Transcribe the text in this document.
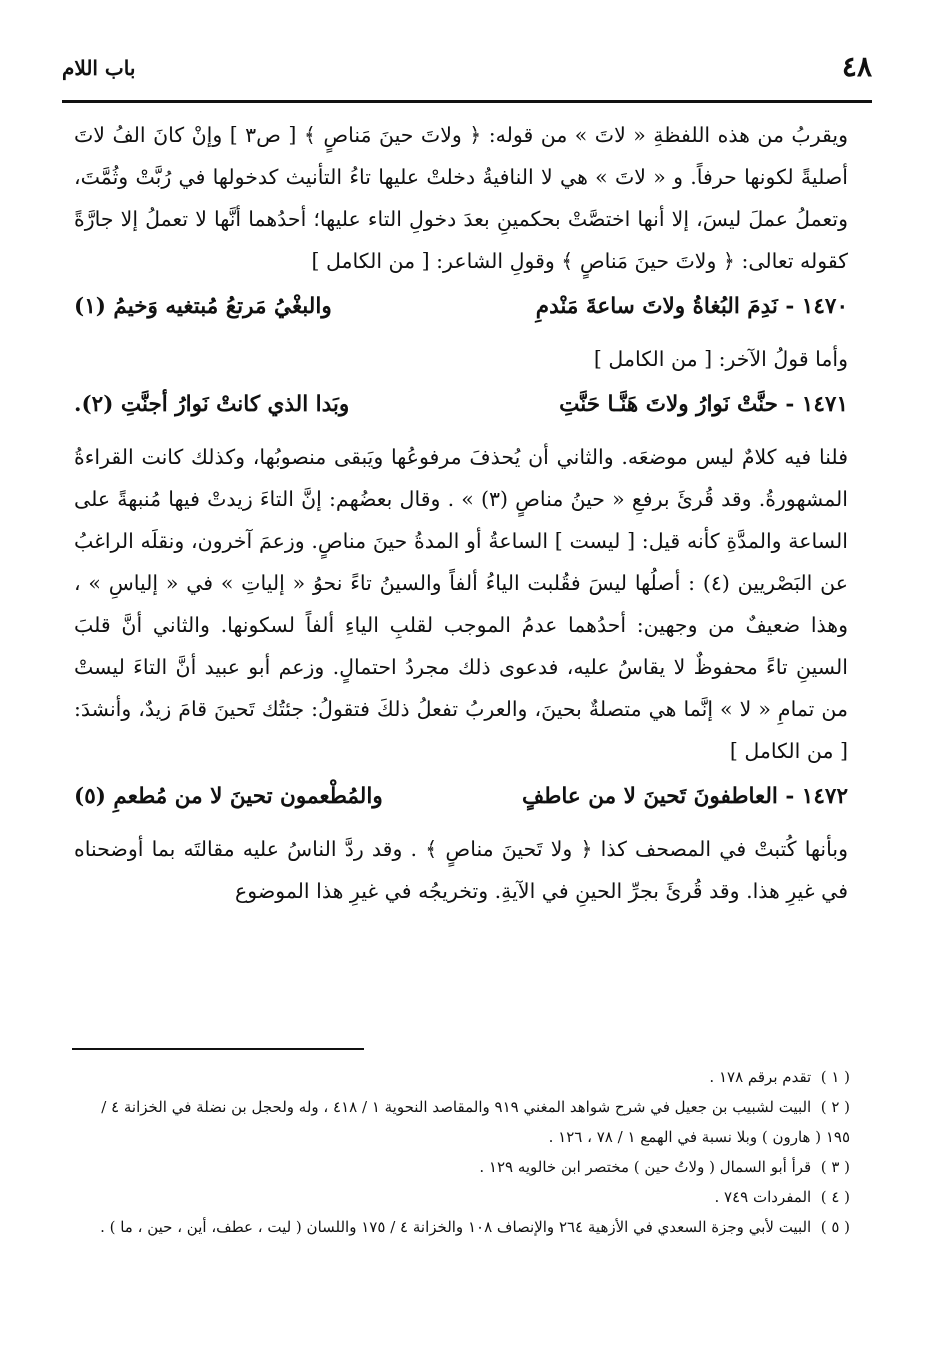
٤٨
باب اللام

ويقربُ من هذه اللفظةِ « لاتَ » من قوله: ﴿ ولاتَ حينَ مَناصٍ ﴾ [ ص٣ ] وإنْ كانَ الفُ لاتَ أصليةً لكونها حرفاً. و « لاتَ » هي لا النافيةُ دخلتْ عليها تاءُ التأنيث كدخولها في رُبَّتْ وثُمَّتَ، وتعملُ عملَ ليسَ، إلا أنها اختصَّتْ بحكمينِ بعدَ دخولِ التاء عليها؛ أحدُهما أنَّها لا تعملُ إلا جارَّةً كقوله تعالى: ﴿ ولاتَ حينَ مَناصٍ ﴾ وقولِ الشاعر: [ من الكامل ]

١٤٧٠ - نَدِمَ البُغاةُ ولاتَ ساعةَ مَنْدمِ
والبغْيُ مَرتعُ مُبتغيه وَخيمُ (١)

وأما قولُ الآخر: [ من الكامل ]

١٤٧١ - حنَّتْ نَوارُ ولاتَ هَنَّـا حَنَّتِ
وبَدا الذي كانتْ نَوارُ أجنَّتِ (٢).

فلنا فيه كلامٌ ليس موضعَه. والثاني أن يُحذفَ مرفوعُها ويَبقى منصوبُها، وكذلك كانت القراءةُ المشهورةُ. وقد قُرئَ برفعِ « حينُ مناصٍ (٣) » . وقال بعضُهم: إنَّ التاءَ زيدتْ فيها مُنبهةً على الساعة والمدَّةِ كأنه قيل: [ ليست ] الساعةُ أو المدةُ حينَ مناصٍ. وزعمَ آخرون، ونقلَه الراغبُ عن البَصْريين (٤) : أصلُها ليسَ فقُلبت الياءُ ألفاً والسينُ تاءً نحوُ « إلياتِ » في « إلياسِ » ، وهذا ضعيفٌ من وجهين: أحدُهما عدمُ الموجب لقلبِ الياءِ ألفاً لسكونها. والثاني أنَّ قلبَ السينِ تاءً محفوظٌ لا يقاسُ عليه، فدعوى ذلك مجردُ احتمالٍ. وزعم أبو عبيد أنَّ التاءَ ليستْ من تمامِ « لا » إنَّما هي متصلةٌ بحينَ، والعربُ تفعلُ ذلكَ فتقولُ: جئتُك تَحينَ قامَ زيدٌ، وأنشدَ: [ من الكامل ]

١٤٧٢ - العاطفونَ تَحينَ لا من عاطفٍ
والمُطْعمون تحينَ لا من مُطعمِ (٥)

وبأنها كُتبتْ في المصحف كذا ﴿ ولا تَحينَ مناصٍ ﴾ . وقد ردَّ الناسُ عليه مقالتَه بما أوضحناه في غيرِ هذا. وقد قُرئَ بجرِّ الحينِ في الآيةِ. وتخريجُه في غيرِ هذا الموضوع

( ١ ) تقدم برقم ١٧٨ .

( ٢ ) البيت لشبيب بن جعيل في شرح شواهد المغني ٩١٩ والمقاصد النحوية ١ / ٤١٨ ، وله ولحجل بن نضلة في الخزانة ٤ / ١٩٥ ( هارون ) وبلا نسبة في الهمع ١ / ٧٨ ، ١٢٦ .

( ٣ ) قرأ أبو السمال ( ولاتُ حين ) مختصر ابن خالويه ١٢٩ .

( ٤ ) المفردات ٧٤٩ .

( ٥ ) البيت لأبي وجزة السعدي في الأزهية ٢٦٤ والإنصاف ١٠٨ والخزانة ٤ / ١٧٥ واللسان ( ليت ، عطف، أين ، حين ، ما ) .
